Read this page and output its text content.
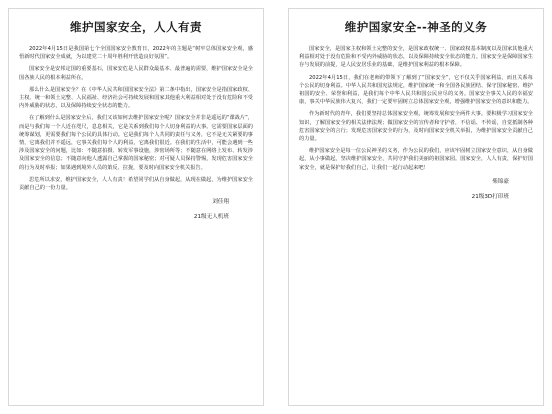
维护国家安全，人人有责

2022年4月15日是我国第七个全国国家安全教育日，2022年的主题是“树牢总体国家安全观，感悟新时代国家安全成就，为以建党二十周年胜利开营造良好氛围”。

国家安全是安邦定国的重要基石，国家安危是人民群众最基本、最普遍的需要，维护国家安全是全国各族人民的根本利益所在。

那么什么是国家安全？在《中华人民共和国国家安全法》第二条中指出，国家安全是指国家政权、主权、统一和领土完整、人民福祉、经济社会可持续发展和国家其他重大利益相对处于没有危险和不受内外威胁的状态，以及保障持续安全状态的能力。

在了解到什么是国家安全后，我们又该如何去维护国家安全呢？国家安全并非是遥远的“谍战片”，而是与我们每一个人近在咫尺，息息相关，它是关系到我们每个人切身利益的大事。它需要国家层面的统筹谋划，更需要我们每个公民的具体行动。它是我们每个人共同的责任与义务，它不是无关紧要的事情，它离我们并不遥远，它事关我们每个人的利益，它离我们很近。在我们的生活中，可能会遇到一些涉及国家安全的问题，比如：不随意拍摄、转发军事设施，涉密场所等；不随意在网络上发布、转发涉及国家安全的信息；不随意向他人透露自己掌握的国家秘密；对可疑人员保持警惕，发现危害国家安全的行为及时举报；如果遇到境外人员的策反、拉拢，要及时向国家安全机关报告。

思危所以求安，维护国家安全，人人有责！希望同学们从自身做起，从现在做起，为维护国家安全贡献自己的一份力量。

刘佳翔
21级无人机班
维护国家安全--神圣的义务

国家安全，是国家主权和领土完整的安全，是国家政权统一、国家政权基本制度以及国家其他重大利益相对处于没有危险和不受内外威胁的状态，以及保障持续安全状态的能力。国家安全是保障国家生存与发展的前提，是人民安居乐业的基础，是维护国家利益的根本保障。

2022年4月15日，我们在老师的带领下了解到了“国家安全”，它不仅关乎国家利益，而且关系每个公民的切身利益。中华人民共和国宪法规定，维护国家统一和全国各民族团结、保守国家秘密、维护祖国的安全、荣誉和利益，是我们每个中华人民共和国公民应尽的义务。国家安全事关人民的幸福安康，事关中华民族伟大复兴，我们一定要牢固树立总体国家安全观，增强维护国家安全的意识和能力。

作为新时代的青年，我们要坚持总体国家安全观，统筹发展和安全两件大事。要积极学习国家安全知识，了解国家安全的相关法律法规；做国家安全的宣传者和守护者，不信谣、不传谣，自觉抵制各种危害国家安全的言行；发现危害国家安全的行为，及时向国家安全机关举报，为维护国家安全贡献自己的力量。

维护国家安全是每一位公民神圣的义务，作为公民的我们，应该牢固树立国家安全意识，从自身做起，从小事做起，坚决维护国家安全，共同守护我们美丽的祖国家园。国家安全，人人有责，保护好国家安全，就是保护好我们自己，让我们一起行动起来吧！

柴锦豪
21级3D打印班
